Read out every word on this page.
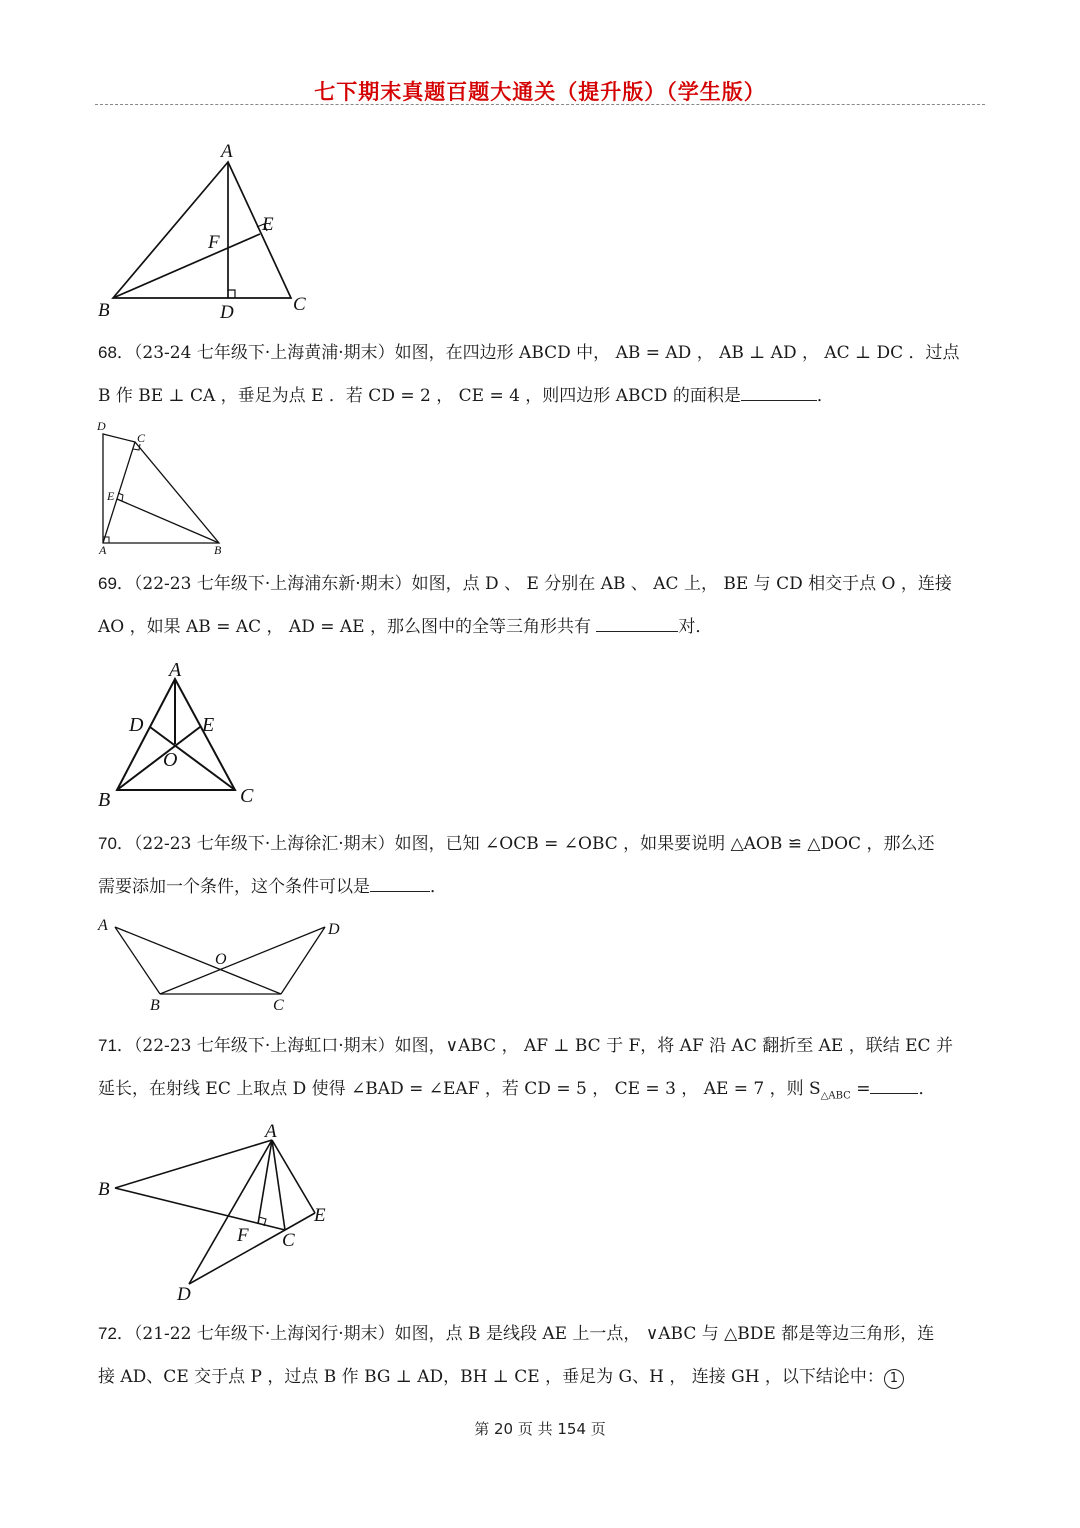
七下期末真题百题大通关（提升版）（学生版）
A
B	C
D
E
F
68．（23-24 七年级下·上海黄浦·期末）如图，在四边形 ABCD 中， AB = AD ， AB ⊥ AD ， AC ⊥ DC ．过点
B 作 BE ⊥ CA ，垂足为点 E ．若 CD = 2 ， CE = 4 ，则四边形 ABCD 的面积是	．
D
C
E
A	B
69．（22-23 七年级下·上海浦东新·期末）如图，点 D 、 E 分别在 AB 、 AC 上， BE 与 CD 相交于点 O ，连接
AO ，如果 AB = AC ， AD = AE ，那么图中的全等三角形共有	对．
A
D	E
O
B	C
70．（22-23 七年级下·上海徐汇·期末）如图，已知 ∠OCB = ∠OBC ，如果要说明 △AOB ≌ △DOC ，那么还
需要添加一个条件，这个条件可以是	．
A	D
O
B	C
71．（22-23 七年级下·上海虹口·期末）如图，∨ABC ， AF ⊥ BC 于 F，将 AF 沿 AC 翻折至 AE ，联结 EC 并
延长，在射线 EC 上取点 D 使得 ∠BAD = ∠EAF ，若 CD = 5 ， CE = 3 ， AE = 7 ，则 $S_{\triangle ABC}$ =	．
A
B
E
F C
D
72．（21-22 七年级下·上海闵行·期末）如图，点 B 是线段 AE 上一点， ∨ABC 与 △BDE 都是等边三角形，连
接 AD、CE 交于点 P ，过点 B 作 BG ⊥ AD，BH ⊥ CE ，垂足为 G、H ， 连接 GH ，以下结论中： 1
第 20 页 共 154 页
